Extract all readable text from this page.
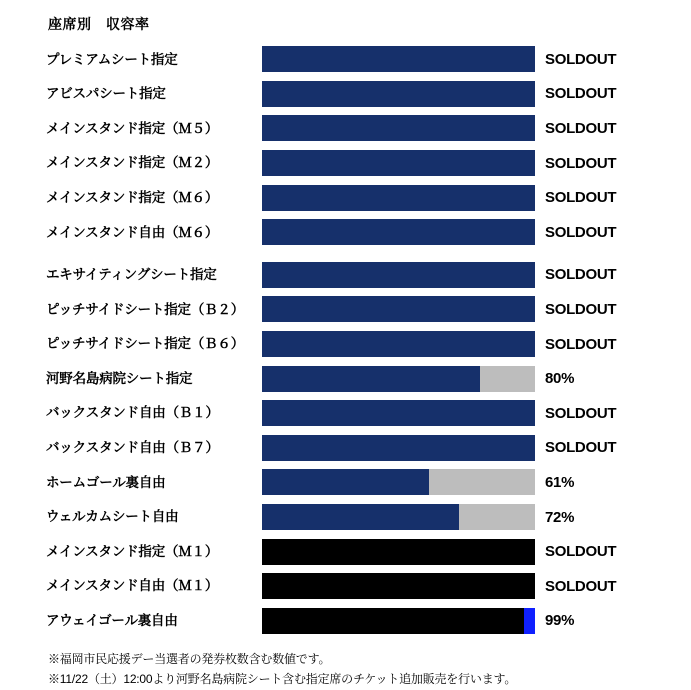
座席別　収容率
プレミアムシート指定	SOLDOUT
アビスパシート指定	SOLDOUT
メインスタンド指定（Ｍ５）	SOLDOUT
メインスタンド指定（Ｍ２）	SOLDOUT
メインスタンド指定（Ｍ６）	SOLDOUT
メインスタンド自由（Ｍ６）	SOLDOUT
エキサイティングシート指定	SOLDOUT
ピッチサイドシート指定（Ｂ２）	SOLDOUT
ピッチサイドシート指定（Ｂ６）	SOLDOUT
河野名島病院シート指定	80%
バックスタンド自由（Ｂ１）	SOLDOUT
バックスタンド自由（Ｂ７）	SOLDOUT
ホームゴール裏自由	61%
ウェルカムシート自由	72%
メインスタンド指定（Ｍ１）	SOLDOUT
メインスタンド自由（Ｍ１）	SOLDOUT
アウェイゴール裏自由	99%
※福岡市民応援デー当選者の発券枚数含む数値です。
※11/22（土）12:00より河野名島病院シート含む指定席のチケット追加販売を行います。
